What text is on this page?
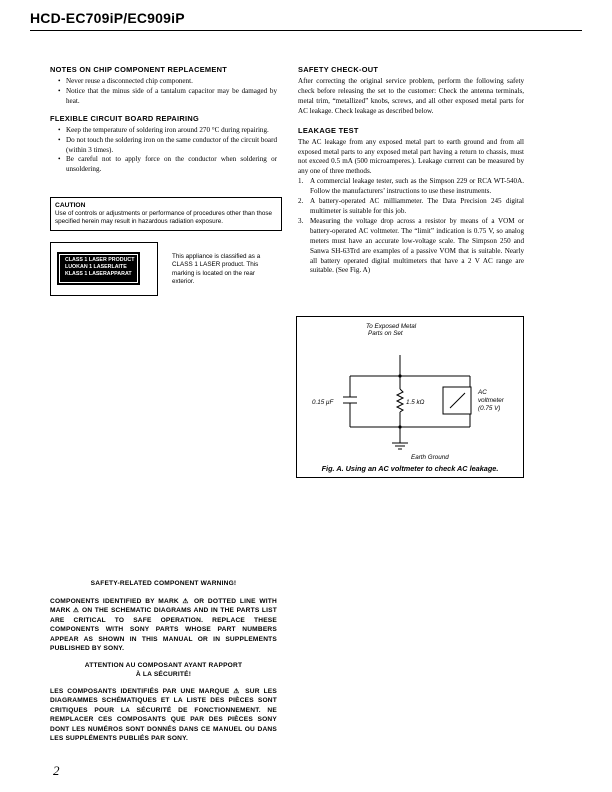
HCD-EC709iP/EC909iP
NOTES ON CHIP COMPONENT REPLACEMENT
• Never reuse a disconnected chip component.
• Notice that the minus side of a tantalum capacitor may be damaged by heat.
FLEXIBLE CIRCUIT BOARD REPAIRING
• Keep the temperature of soldering iron around 270 °C during repairing.
• Do not touch the soldering iron on the same conductor of the circuit board (within 3 times).
• Be careful not to apply force on the conductor when soldering or unsoldering.
CAUTION
Use of controls or adjustments or performance of procedures other than those specified herein may result in hazardous radiation exposure.
CLASS 1 LASER PRODUCT
LUOKAN 1 LASERLAITE
KLASS 1 LASERAPPARAT
This appliance is classified as a CLASS 1 LASER product. This marking is located on the rear exterior.
SAFETY CHECK-OUT

After correcting the original service problem, perform the following safety check before releasing the set to the customer: Check the antenna terminals, metal trim, “metallized” knobs, screws, and all other exposed metal parts for AC leakage. Check leakage as described below.

LEAKAGE TEST

The AC leakage from any exposed metal part to earth ground and from all exposed metal parts to any exposed metal part having a return to chassis, must not exceed 0.5 mA (500 microamperes.). Leakage current can be measured by any one of three methods.

1. A commercial leakage tester, such as the Simpson 229 or RCA WT-540A. Follow the manufacturers’ instructions to use these instruments.
2. A battery-operated AC milliammeter. The Data Precision 245 digital multimeter is suitable for this job.
3. Measuring the voltage drop across a resistor by means of a VOM or battery-operated AC voltmeter. The “limit” indication is 0.75 V, so analog meters must have an accurate low-voltage scale. The Simpson 250 and Sanwa SH-63Trd are examples of a passive VOM that is suitable. Nearly all battery operated digital multimeters that have a 2 V AC range are suitable. (See Fig. A)
To Exposed Metal
Parts on Set
0.15 μF	1.5 kΩ
AC
voltmeter
(0.75 V)
Earth Ground
Fig. A. Using an AC voltmeter to check AC leakage.
SAFETY-RELATED COMPONENT WARNING!
COMPONENTS IDENTIFIED BY MARK ⚠ OR DOTTED LINE WITH MARK ⚠ ON THE SCHEMATIC DIAGRAMS AND IN THE PARTS LIST ARE CRITICAL TO SAFE OPERATION. REPLACE THESE COMPONENTS WITH SONY PARTS WHOSE PART NUMBERS APPEAR AS SHOWN IN THIS MANUAL OR IN SUPPLEMENTS PUBLISHED BY SONY.
ATTENTION AU COMPOSANT AYANT RAPPORT
À LA SÉCURITÉ!
LES COMPOSANTS IDENTIFIÉS PAR UNE MARQUE ⚠ SUR LES DIAGRAMMES SCHÉMATIQUES ET LA LISTE DES PIÈCES SONT CRITIQUES POUR LA SÉCURITÉ DE FONCTIONNEMENT. NE REMPLACER CES COMPOSANTS QUE PAR DES PIÈCES SONY DONT LES NUMÉROS SONT DONNÉS DANS CE MANUEL OU DANS LES SUPPLÉMENTS PUBLIÉS PAR SONY.
2
